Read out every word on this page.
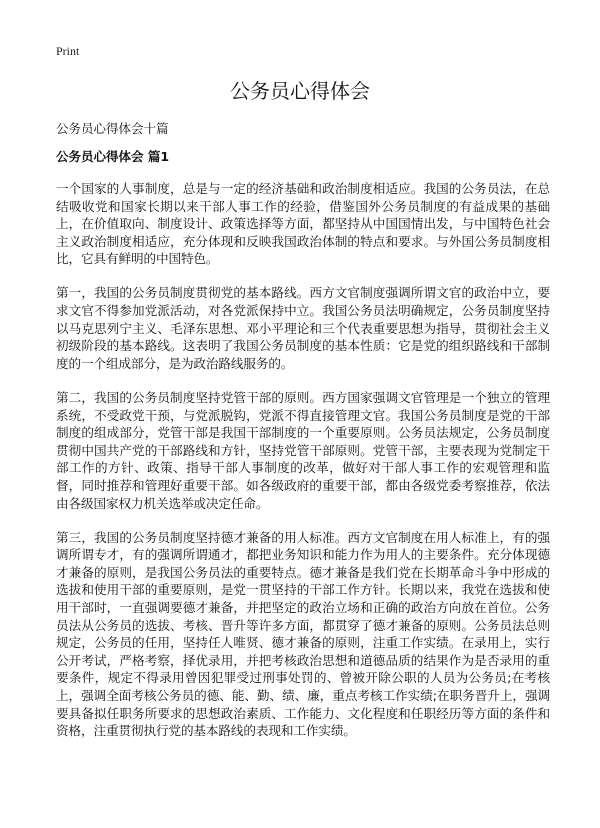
Print
公务员心得体会
公务员心得体会十篇
公务员心得体会 篇1

一个国家的人事制度，总是与一定的经济基础和政治制度相适应。我国的公务员法，在总结吸收党和国家长期以来干部人事工作的经验，借鉴国外公务员制度的有益成果的基础上，在价值取向、制度设计、政策选择等方面，都坚持从中国国情出发，与中国特色社会主义政治制度相适应，充分体现和反映我国政治体制的特点和要求。与外国公务员制度相比，它具有鲜明的中国特色。

第一，我国的公务员制度贯彻党的基本路线。西方文官制度强调所谓文官的政治中立，要求文官不得参加党派活动，对各党派保持中立。我国公务员法明确规定，公务员制度坚持以马克思列宁主义、毛泽东思想、邓小平理论和三个代表重要思想为指导，贯彻社会主义初级阶段的基本路线。这表明了我国公务员制度的基本性质：它是党的组织路线和干部制度的一个组成部分，是为政治路线服务的。

第二，我国的公务员制度坚持党管干部的原则。西方国家强调文官管理是一个独立的管理系统，不受政党干预，与党派脱钩，党派不得直接管理文官。我国公务员制度是党的干部制度的组成部分，党管干部是我国干部制度的一个重要原则。公务员法规定，公务员制度贯彻中国共产党的干部路线和方针，坚持党管干部原则。党管干部，主要表现为党制定干部工作的方针、政策、指导干部人事制度的改革，做好对干部人事工作的宏观管理和监督，同时推荐和管理好重要干部。如各级政府的重要干部，都由各级党委考察推荐，依法由各级国家权力机关选举或决定任命。

第三，我国的公务员制度坚持德才兼备的用人标准。西方文官制度在用人标准上，有的强调所谓专才，有的强调所谓通才，都把业务知识和能力作为用人的主要条件。充分体现德才兼备的原则，是我国公务员法的重要特点。德才兼备是我们党在长期革命斗争中形成的选拔和使用干部的重要原则，是党一贯坚持的干部工作方针。长期以来，我党在选拔和使用干部时，一直强调要德才兼备，并把坚定的政治立场和正确的政治方向放在首位。公务员法从公务员的选拔、考核、晋升等许多方面，都贯穿了德才兼备的原则。公务员法总则规定，公务员的任用，坚持任人唯贤、德才兼备的原则，注重工作实绩。在录用上，实行公开考试，严格考察，择优录用，并把考核政治思想和道德品质的结果作为是否录用的重要条件，规定不得录用曾因犯罪受过刑事处罚的、曾被开除公职的人员为公务员;在考核上，强调全面考核公务员的德、能、勤、绩、廉，重点考核工作实绩;在职务晋升上，强调要具备拟任职务所要求的思想政治素质、工作能力、文化程度和任职经历等方面的条件和资格，注重贯彻执行党的基本路线的表现和工作实绩。
